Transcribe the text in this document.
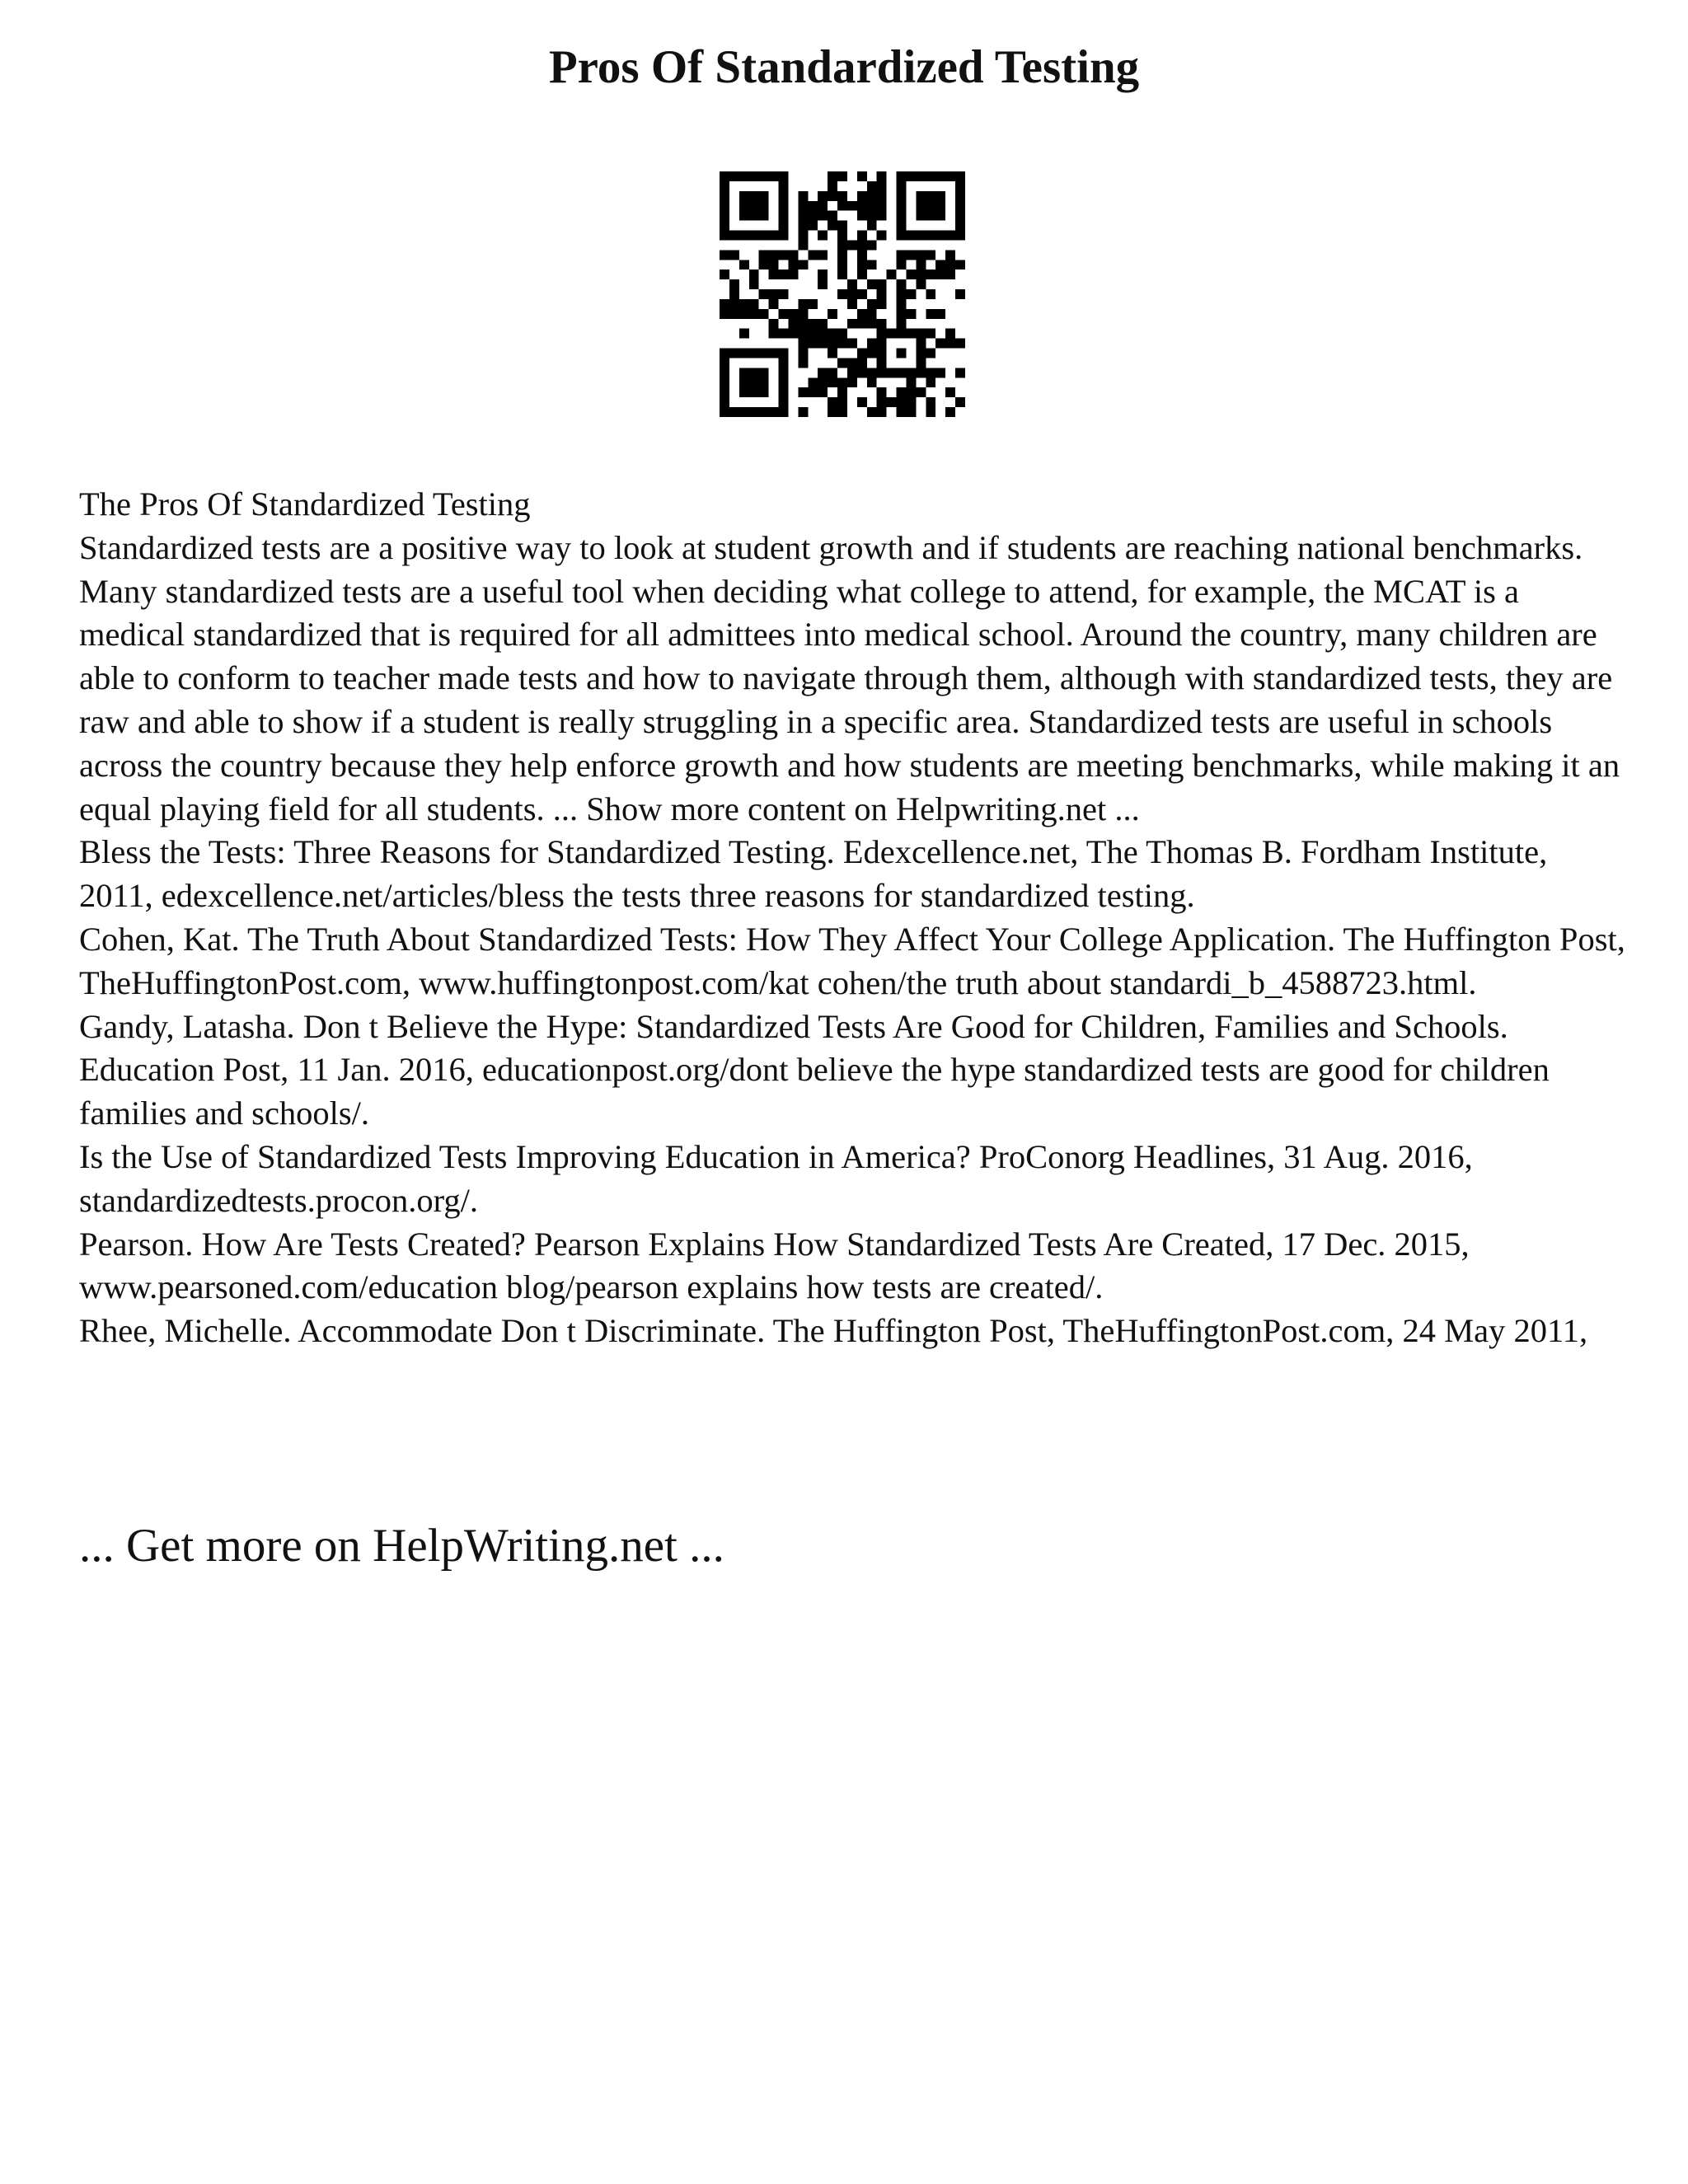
Pros Of Standardized Testing

The Pros Of Standardized Testing

Standardized tests are a positive way to look at student growth and if students are reaching national benchmarks. Many standardized tests are a useful tool when deciding what college to attend, for example, the MCAT is a medical standardized that is required for all admittees into medical school. Around the country, many children are able to conform to teacher made tests and how to navigate through them, although with standardized tests, they are raw and able to show if a student is really struggling in a specific area. Standardized tests are useful in schools across the country because they help enforce growth and how students are meeting benchmarks, while making it an equal playing field for all students. ... Show more content on Helpwriting.net ...

Bless the Tests: Three Reasons for Standardized Testing. Edexcellence.net, The Thomas B. Fordham Institute, 2011, edexcellence.net/articles/bless the tests three reasons for standardized testing.

Cohen, Kat. The Truth About Standardized Tests: How They Affect Your College Application. The Huffington Post, TheHuffingtonPost.com, www.huffingtonpost.com/kat cohen/the truth about standardi_b_4588723.html.

Gandy, Latasha. Don t Believe the Hype: Standardized Tests Are Good for Children, Families and Schools. Education Post, 11 Jan. 2016, educationpost.org/dont believe the hype standardized tests are good for children families and schools/.

Is the Use of Standardized Tests Improving Education in America? ProConorg Headlines, 31 Aug. 2016, standardizedtests.procon.org/.

Pearson. How Are Tests Created? Pearson Explains How Standardized Tests Are Created, 17 Dec. 2015, www.pearsoned.com/education blog/pearson explains how tests are created/.

Rhee, Michelle. Accommodate Don t Discriminate. The Huffington Post, TheHuffingtonPost.com, 24 May 2011,

... Get more on HelpWriting.net ...
